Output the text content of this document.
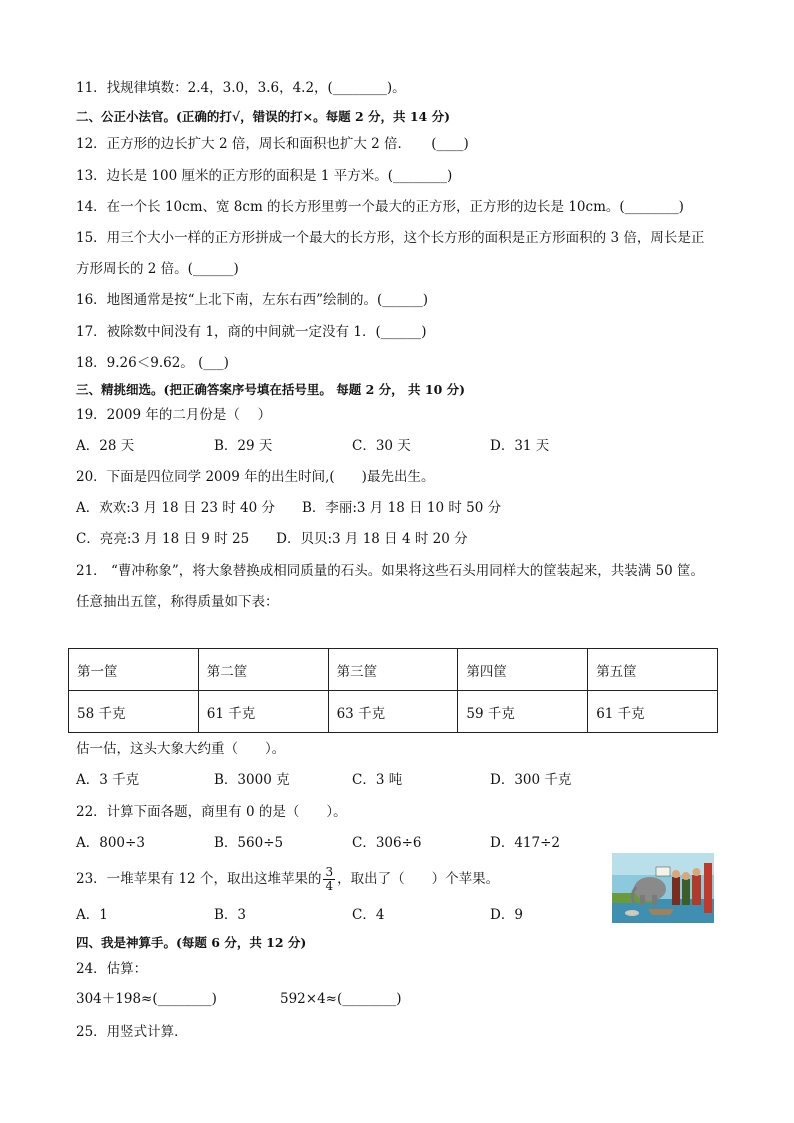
11．找规律填数：2.4，3.0，3.6，4.2，(________)。
二、公正小法官。(正确的打√，错误的打×。每题 2 分，共 14 分)
12．正方形的边长扩大 2 倍，周长和面积也扩大 2 倍．　　(____)
13．边长是 100 厘米的正方形的面积是 1 平方米。(________)
14．在一个长 10cm、宽 8cm 的长方形里剪一个最大的正方形，正方形的边长是 10cm。(________)
15．用三个大小一样的正方形拼成一个最大的长方形，这个长方形的面积是正方形面积的 3 倍，周长是正
方形周长的 2 倍。(______)
16．地图通常是按“上北下南，左东右西”绘制的。(______)
17．被除数中间没有 1，商的中间就一定没有 1．(______)
18．9.26＜9.62。 (___)
三、精挑细选。(把正确答案序号填在括号里。 每题 2 分， 共 10 分)
19．2009 年的二月份是（　 ）
A．28 天	B．29 天	C．30 天	D．31 天
20．下面是四位同学 2009 年的出生时间,(　　)最先出生。
A．欢欢:3 月 18 日 23 时 40 分　　B．李丽:3 月 18 日 10 时 50 分
C．亮亮:3 月 18 日 9 时 25　　D．贝贝:3 月 18 日 4 时 20 分
21． “曹冲称象”，将大象替换成相同质量的石头。如果将这些石头用同样大的筐装起来，共装满 50 筐。
任意抽出五筐，称得质量如下表：
第一筐	第二筐	第三筐	第四筐	第五筐
58 千克	61 千克	63 千克	59 千克	61 千克
估一估，这头大象大约重（　　）。
A．3 千克	B．3000 克	C．3 吨	D．300 千克
22．计算下面各题，商里有 0 的是（　　）。
A．800÷3	B．560÷5	C．306÷6	D．417÷2
23．一堆苹果有 12 个，取出这堆苹果的 $\frac{3}{4}$ ，取出了（　　）个苹果。
A．1	B．3	C．4	D．9
四、我是神算手。(每题 6 分，共 12 分)
24．估算：
304＋198≈(________)	592×4≈(________)
25．用竖式计算．
